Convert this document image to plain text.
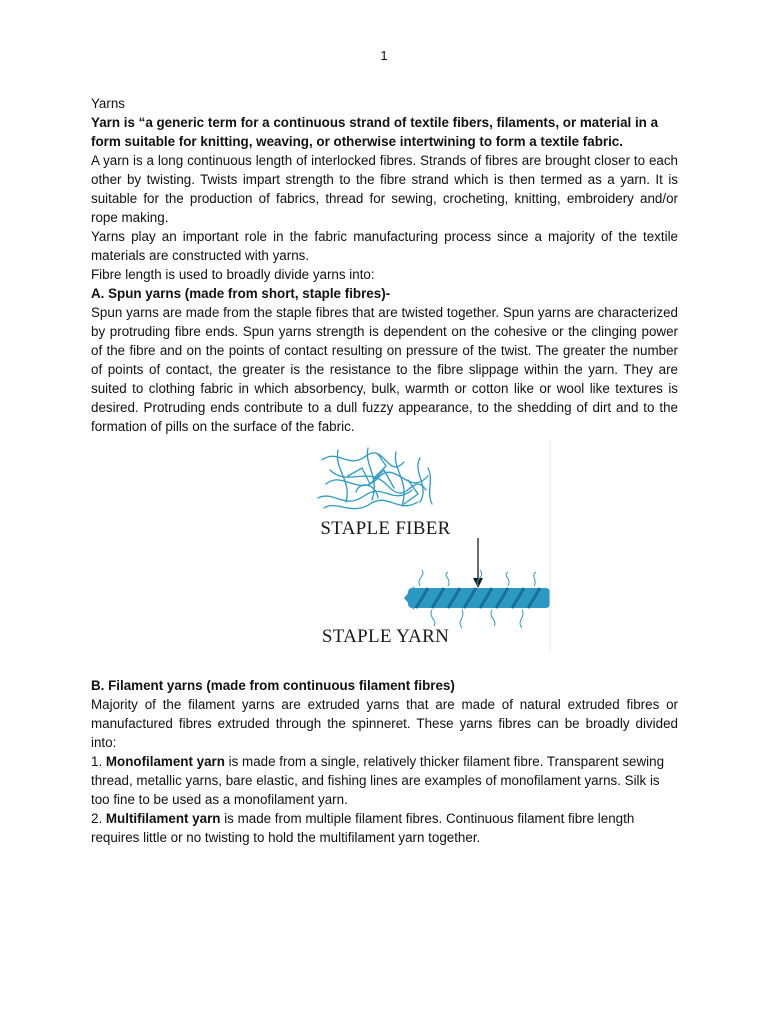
1

Yarns

Yarn is “a generic term for a continuous strand of textile fibers, filaments, or material in a form suitable for knitting, weaving, or otherwise intertwining to form a textile fabric.

A yarn is a long continuous length of interlocked fibres. Strands of fibres are brought closer to each other by twisting. Twists impart strength to the fibre strand which is then termed as a yarn. It is suitable for the production of fabrics, thread for sewing, crocheting, knitting, embroidery and/or rope making.

Yarns play an important role in the fabric manufacturing process since a majority of the textile materials are constructed with yarns.

Fibre length is used to broadly divide yarns into:

A. Spun yarns (made from short, staple fibres)-

Spun yarns are made from the staple fibres that are twisted together. Spun yarns are characterized by protruding fibre ends. Spun yarns strength is dependent on the cohesive or the clinging power of the fibre and on the points of contact resulting on pressure of the twist. The greater the number of points of contact, the greater is the resistance to the fibre slippage within the yarn. They are suited to clothing fabric in which absorbency, bulk, warmth or cotton like or wool like textures is desired. Protruding ends contribute to a dull fuzzy appearance, to the shedding of dirt and to the formation of pills on the surface of the fabric.

STAPLE FIBER
STAPLE YARN

B. Filament yarns (made from continuous filament fibres)

Majority of the filament yarns are extruded yarns that are made of natural extruded fibres or manufactured fibres extruded through the spinneret. These yarns fibres can be broadly divided into:

1. Monofilament yarn is made from a single, relatively thicker filament fibre. Transparent sewing thread, metallic yarns, bare elastic, and fishing lines are examples of monofilament yarns. Silk is too fine to be used as a monofilament yarn.

2. Multifilament yarn is made from multiple filament fibres. Continuous filament fibre length requires little or no twisting to hold the multifilament yarn together.
